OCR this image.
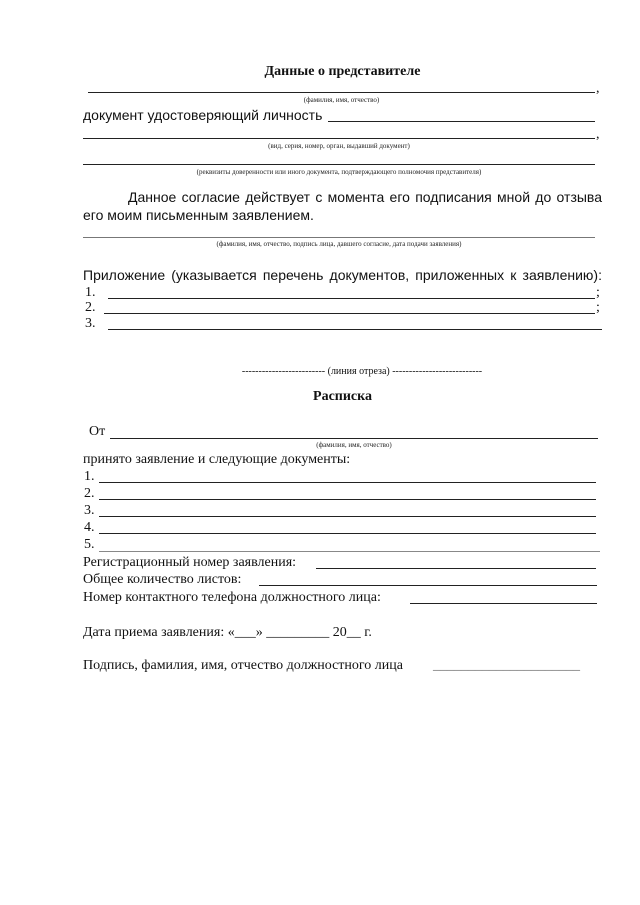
Данные о представителе
,
(фамилия, имя, отчество)
документ удостоверяющий личность
,
(вид, серия, номер, орган, выдавший документ)
(реквизиты доверенности или иного документа, подтверждающего полномочия представителя)

Данное согласие действует с момента его подписания мной до отзыва его моим письменным заявлением.

(фамилия, имя, отчество, подпись лица, давшего согласие, дата подачи заявления)
Приложение (указывается перечень документов, приложенных к заявлению):
1.	;
2.	;
3.
------------------------- (линия отреза) ---------------------------
Расписка
От
(фамилия, имя, отчество)
принято заявление и следующие документы:
1.
2.
3.
4.
5.
Регистрационный номер заявления:
Общее количество листов:
Номер контактного телефона должностного лица:
Дата приема заявления: «___» _________ 20__ г.
Подпись, фамилия, имя, отчество должностного лица _____________________
